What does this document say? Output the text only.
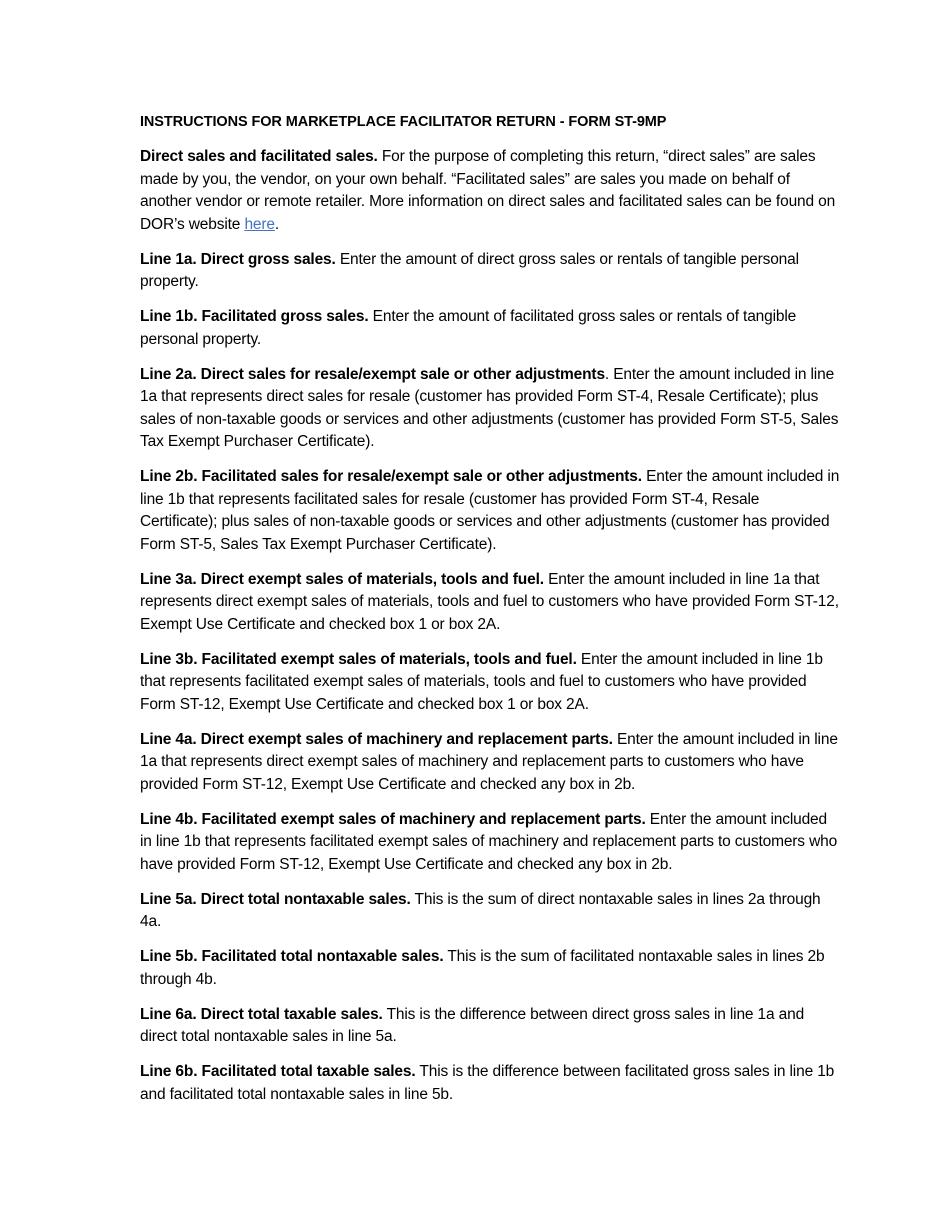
INSTRUCTIONS FOR MARKETPLACE FACILITATOR RETURN - FORM ST-9MP

Direct sales and facilitated sales. For the purpose of completing this return, “direct sales” are sales made by you, the vendor, on your own behalf. “Facilitated sales” are sales you made on behalf of another vendor or remote retailer. More information on direct sales and facilitated sales can be found on DOR’s website here.

Line 1a. Direct gross sales. Enter the amount of direct gross sales or rentals of tangible personal property.

Line 1b. Facilitated gross sales. Enter the amount of facilitated gross sales or rentals of tangible personal property.

Line 2a. Direct sales for resale/exempt sale or other adjustments. Enter the amount included in line 1a that represents direct sales for resale (customer has provided Form ST-4, Resale Certificate); plus sales of non-taxable goods or services and other adjustments (customer has provided Form ST-5, Sales Tax Exempt Purchaser Certificate).

Line 2b. Facilitated sales for resale/exempt sale or other adjustments. Enter the amount included in line 1b that represents facilitated sales for resale (customer has provided Form ST-4, Resale Certificate); plus sales of non-taxable goods or services and other adjustments (customer has provided Form ST-5, Sales Tax Exempt Purchaser Certificate).

Line 3a. Direct exempt sales of materials, tools and fuel. Enter the amount included in line 1a that represents direct exempt sales of materials, tools and fuel to customers who have provided Form ST-12, Exempt Use Certificate and checked box 1 or box 2A.

Line 3b. Facilitated exempt sales of materials, tools and fuel. Enter the amount included in line 1b that represents facilitated exempt sales of materials, tools and fuel to customers who have provided Form ST-12, Exempt Use Certificate and checked box 1 or box 2A.

Line 4a. Direct exempt sales of machinery and replacement parts. Enter the amount included in line 1a that represents direct exempt sales of machinery and replacement parts to customers who have provided Form ST-12, Exempt Use Certificate and checked any box in 2b.

Line 4b. Facilitated exempt sales of machinery and replacement parts. Enter the amount included in line 1b that represents facilitated exempt sales of machinery and replacement parts to customers who have provided Form ST-12, Exempt Use Certificate and checked any box in 2b.

Line 5a. Direct total nontaxable sales. This is the sum of direct nontaxable sales in lines 2a through 4a.

Line 5b. Facilitated total nontaxable sales. This is the sum of facilitated nontaxable sales in lines 2b through 4b.

Line 6a. Direct total taxable sales. This is the difference between direct gross sales in line 1a and direct total nontaxable sales in line 5a.

Line 6b. Facilitated total taxable sales. This is the difference between facilitated gross sales in line 1b and facilitated total nontaxable sales in line 5b.
